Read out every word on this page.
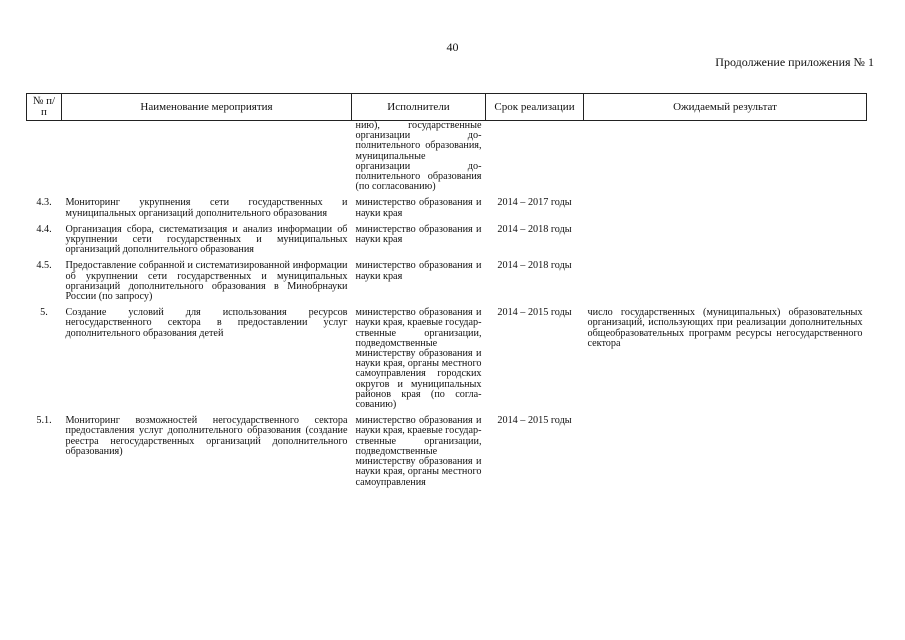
40
Продолжение приложения № 1
№ п/п	Наименование мероприятия	Исполнители	Срок реализации	Ожидаемый результат
		нию), государственные организации дополнительного образования, муниципальные организации дополнительного образования (по согласованию)		
4.3.	Мониторинг укрупнения сети государственных и муниципальных организаций дополнительного образования	министерство образования и науки края	2014 – 2017 годы	
4.4.	Организация сбора, систематизация и анализ информации об укрупнении сети государственных и муниципальных организаций дополнительного образования	министерство образования и науки края	2014 – 2018 годы	
4.5.	Предоставление собранной и систематизированной информации об укрупнении сети государственных и муниципальных организаций дополнительного образования в Минобрнауки России (по запросу)	министерство образования и науки края	2014 – 2018 годы	
5.	Создание условий для использования ресурсов негосударственного сектора в предоставлении услуг дополнительного образования детей	министерство образования и науки края, краевые государственные организации, подведомственные министерству образования и науки края, органы местного самоуправления городских округов и муниципальных районов края (по согласованию)	2014 – 2015 годы	число государственных (муниципальных) образовательных организаций, использующих при реализации дополнительных общеобразовательных программ ресурсы негосударственного сектора
5.1.	Мониторинг возможностей негосударственного сектора предоставления услуг дополнительного образования (создание реестра негосударственных организаций дополнительного образования)	министерство образования и науки края, краевые государственные организации, подведомственные министерству образования и науки края, органы местного самоуправления	2014 – 2015 годы	
